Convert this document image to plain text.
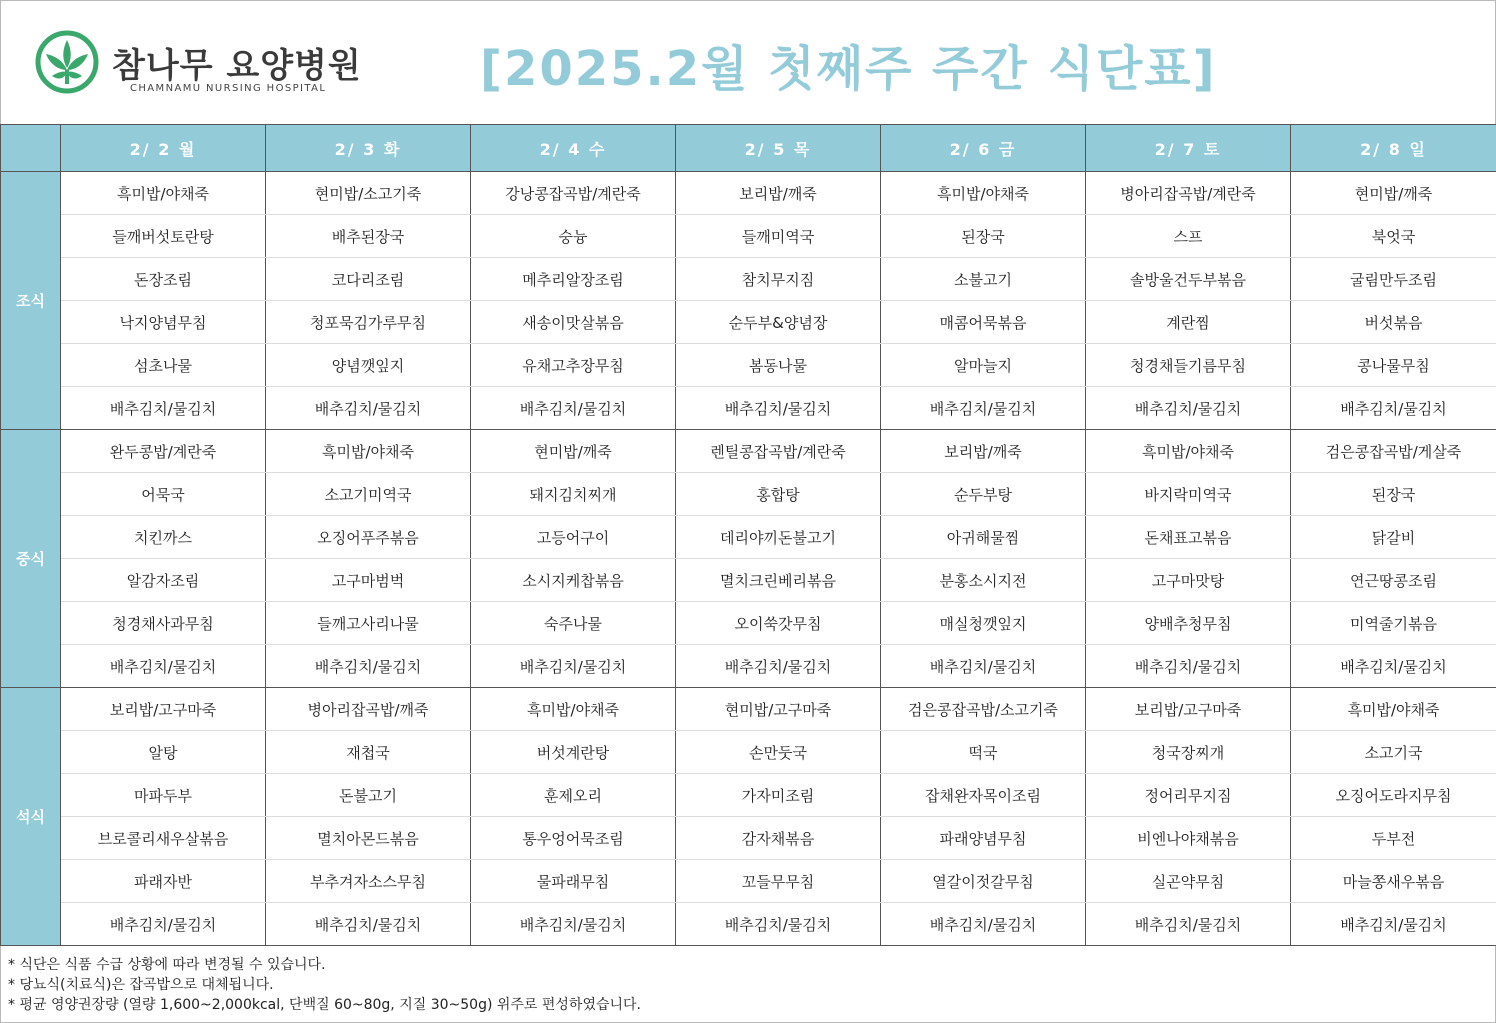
참나무 요양병원
CHAMNAMU NURSING HOSPITAL	[2025.2월 첫째주 주간 식단표]
	2/ 2 월	2/ 3 화	2/ 4 수	2/ 5 목	2/ 6 금	2/ 7 토	2/ 8 일
조식	흑미밥/야채죽	현미밥/소고기죽	강낭콩잡곡밥/계란죽	보리밥/깨죽	흑미밥/야채죽	병아리잡곡밥/계란죽	현미밥/깨죽
	들깨버섯토란탕	배추된장국	숭늉	들깨미역국	된장국	스프	북엇국
	돈장조림	코다리조림	메추리알장조림	참치무지짐	소불고기	솔방울건두부볶음	굴림만두조림
	낙지양념무침	청포묵김가루무침	새송이맛살볶음	순두부&양념장	매콤어묵볶음	계란찜	버섯볶음
	섬초나물	양념깻잎지	유채고추장무침	봄동나물	알마늘지	청경채들기름무침	콩나물무침
	배추김치/물김치	배추김치/물김치	배추김치/물김치	배추김치/물김치	배추김치/물김치	배추김치/물김치	배추김치/물김치
중식	완두콩밥/계란죽	흑미밥/야채죽	현미밥/깨죽	렌틸콩잡곡밥/계란죽	보리밥/깨죽	흑미밥/야채죽	검은콩잡곡밥/게살죽
	어묵국	소고기미역국	돼지김치찌개	홍합탕	순두부탕	바지락미역국	된장국
	치킨까스	오징어푸주볶음	고등어구이	데리야끼돈불고기	아귀해물찜	돈채표고볶음	닭갈비
	알감자조림	고구마범벅	소시지케찹볶음	멸치크린베리볶음	분홍소시지전	고구마맛탕	연근땅콩조림
	청경채사과무침	들깨고사리나물	숙주나물	오이쑥갓무침	매실청깻잎지	양배추청무침	미역줄기볶음
	배추김치/물김치	배추김치/물김치	배추김치/물김치	배추김치/물김치	배추김치/물김치	배추김치/물김치	배추김치/물김치
석식	보리밥/고구마죽	병아리잡곡밥/깨죽	흑미밥/야채죽	현미밥/고구마죽	검은콩잡곡밥/소고기죽	보리밥/고구마죽	흑미밥/야채죽
	알탕	재첩국	버섯계란탕	손만둣국	떡국	청국장찌개	소고기국
	마파두부	돈불고기	훈제오리	가자미조림	잡채완자목이조림	정어리무지짐	오징어도라지무침
	브로콜리새우살볶음	멸치아몬드볶음	통우엉어묵조림	감자채볶음	파래양념무침	비엔나야채볶음	두부전
	파래자반	부추겨자소스무침	물파래무침	꼬들무무침	열갈이젓갈무침	실곤약무침	마늘쫑새우볶음
	배추김치/물김치	배추김치/물김치	배추김치/물김치	배추김치/물김치	배추김치/물김치	배추김치/물김치	배추김치/물김치
* 식단은 식품 수급 상황에 따라 변경될 수 있습니다.
* 당뇨식(치료식)은 잡곡밥으로 대체됩니다.
* 평균 영양권장량 (열량 1,600~2,000kcal, 단백질 60~80g, 지질 30~50g) 위주로 편성하였습니다.
